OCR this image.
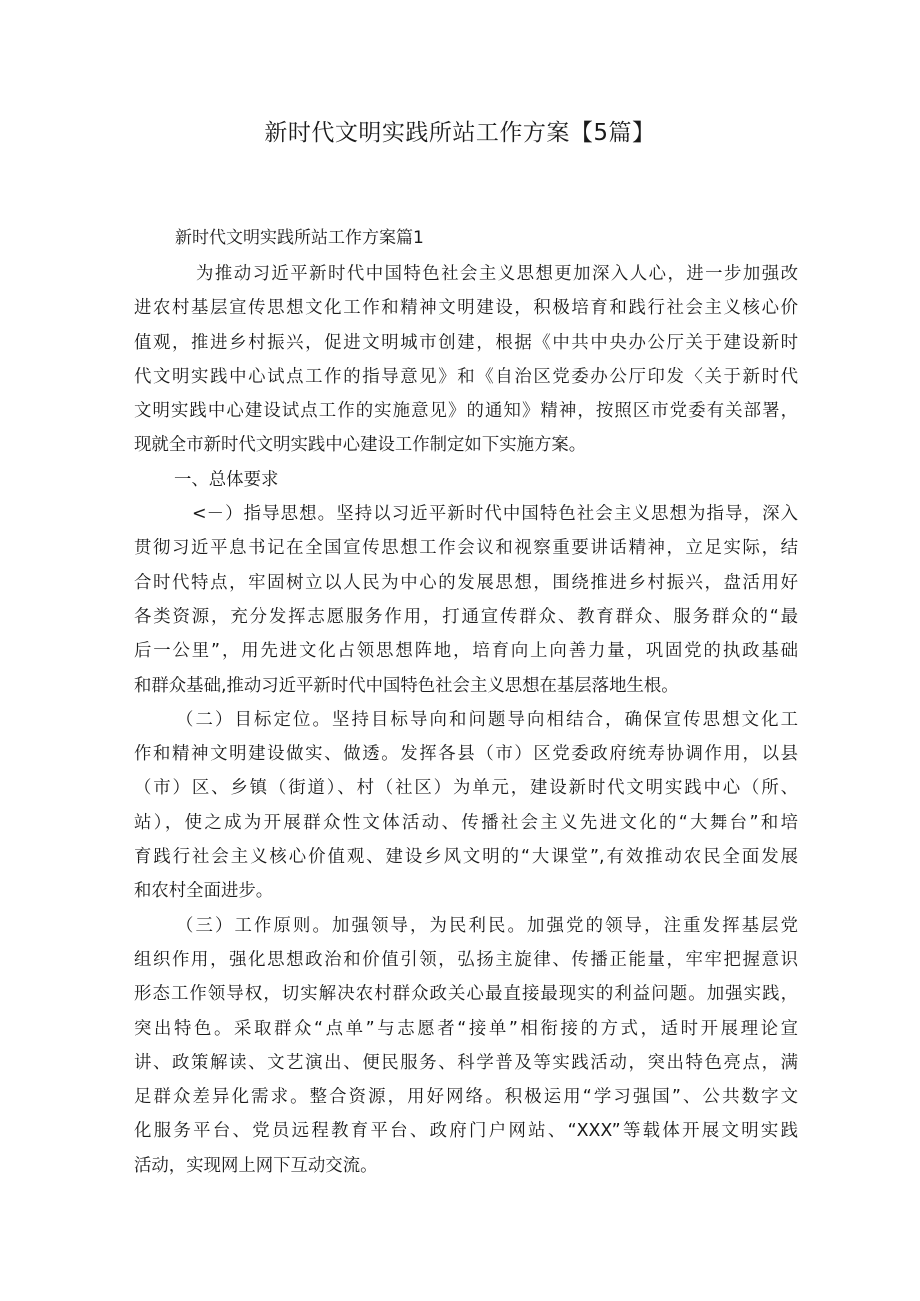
新时代文明实践所站工作方案【5篇】
新时代文明实践所站工作方案篇1

为推动习近平新时代中国特色社会主义思想更加深入人心，进一步加强改
进农村基层宣传思想文化工作和精神文明建设，积极培育和践行社会主义核心价
值观，推进乡村振兴，促进文明城市创建，根据《中共中央办公厅关于建设新时
代文明实践中心试点工作的指导意见》和《自治区党委办公厅印发〈关于新时代
文明实践中心建设试点工作的实施意见》的通知》精神，按照区市党委有关部署，
现就全市新时代文明实践中心建设工作制定如下实施方案。

一、总体要求

<－）指导思想。坚持以习近平新时代中国特色社会主义思想为指导，深入
贯彻习近平息书记在全国宣传思想工作会议和视察重要讲话精神，立足实际，结
合时代特点，牢固树立以人民为中心的发展思想，围绕推进乡村振兴，盘活用好
各类资源，充分发挥志愿服务作用，打通宣传群众、教育群众、服务群众的“最
后一公里”，用先进文化占领思想阵地，培育向上向善力量，巩固党的执政基础
和群众基础,推动习近平新时代中国特色社会主义思想在基层落地生根。

（二）目标定位。坚持目标导向和问题导向相结合，确保宣传思想文化工
作和精神文明建设做实、做透。发挥各县（市）区党委政府统寿协调作用，以县
（市）区、乡镇（街道）、村（社区）为单元，建设新时代文明实践中心（所、
站），使之成为开展群众性文体活动、传播社会主义先进文化的“大舞台”和培
育践行社会主义核心价值观、建设乡风文明的“大课堂”,有效推动农民全面发展
和农村全面进步。

（三）工作原则。加强领导，为民利民。加强党的领导，注重发挥基层党
组织作用，强化思想政治和价值引领，弘扬主旋律、传播正能量，牢牢把握意识
形态工作领导权，切实解决农村群众政关心最直接最现实的利益问题。加强实践，
突出特色。采取群众“点单”与志愿者“接单”相衔接的方式，适时开展理论宣
讲、政策解读、文艺演出、便民服务、科学普及等实践活动，突出特色亮点，满
足群众差异化需求。整合资源，用好网络。积极运用“学习强国”、公共数字文
化服务平台、党员远程教育平台、政府门户网站、“XXX”等载体开展文明实践
活动，实现网上网下互动交流。
